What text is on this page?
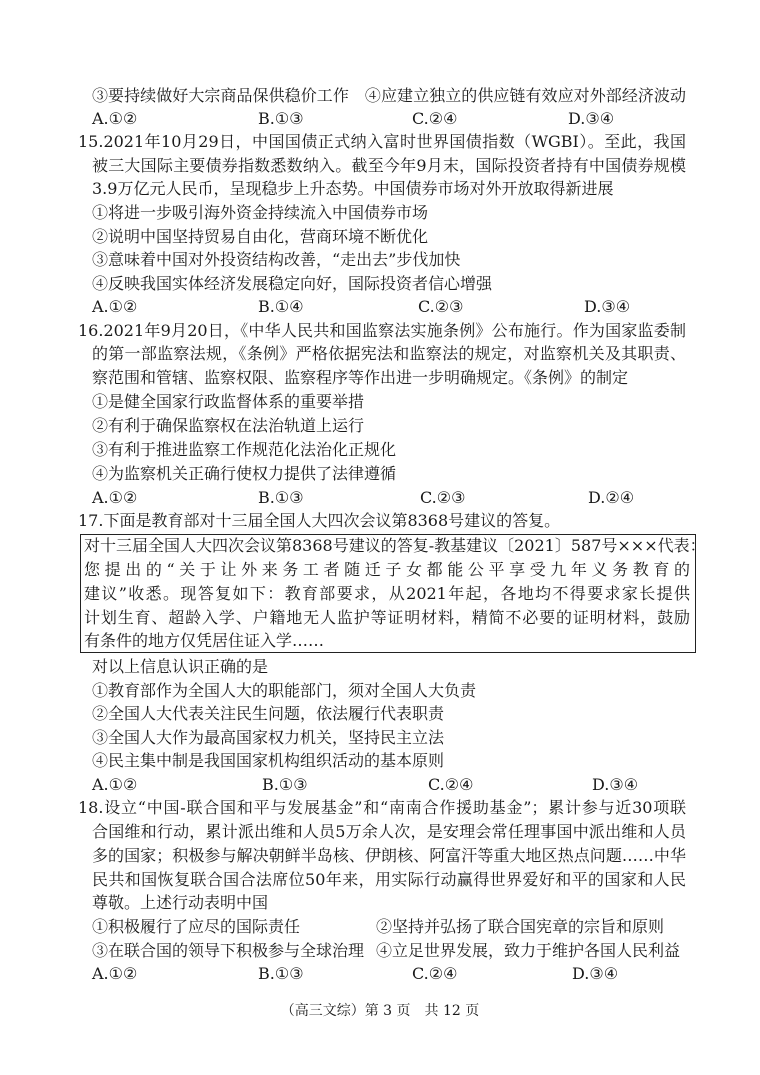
③要持续做好大宗商品保供稳价工作　④应建立独立的供应链有效应对外部经济波动
A.①②	B.①③	C.②④	D.③④
15.2021年10月29日，中国国债正式纳入富时世界国债指数（WGBI）。至此，我国
被三大国际主要债券指数悉数纳入。截至今年9月末，国际投资者持有中国债券规模
3.9万亿元人民币，呈现稳步上升态势。中国债券市场对外开放取得新进展
①将进一步吸引海外资金持续流入中国债券市场
②说明中国坚持贸易自由化，营商环境不断优化
③意味着中国对外投资结构改善，“走出去”步伐加快
④反映我国实体经济发展稳定向好，国际投资者信心增强
A.①②	B.①④	C.②③	D.③④
16.2021年9月20日，《中华人民共和国监察法实施条例》公布施行。作为国家监委制
的第一部监察法规，《条例》严格依据宪法和监察法的规定，对监察机关及其职责、
察范围和管辖、监察权限、监察程序等作出进一步明确规定。《条例》的制定
①是健全国家行政监督体系的重要举措
②有利于确保监察权在法治轨道上运行
③有利于推进监察工作规范化法治化正规化
④为监察机关正确行使权力提供了法律遵循
A.①②	B.①③	C.②③	D.②④
17.下面是教育部对十三届全国人大四次会议第8368号建议的答复。
对十三届全国人大四次会议第8368号建议的答复-教基建议〔2021〕587号×××代表：
您提出的“关于让外来务工者随迁子女都能公平享受九年义务教育的
建议”收悉。现答复如下：教育部要求，从2021年起，各地均不得要求家长提供
计划生育、超龄入学、户籍地无人监护等证明材料，精简不必要的证明材料，鼓励
有条件的地方仅凭居住证入学……
对以上信息认识正确的是
①教育部作为全国人大的职能部门，须对全国人大负责
②全国人大代表关注民生问题，依法履行代表职责
③全国人大作为最高国家权力机关，坚持民主立法
④民主集中制是我国国家机构组织活动的基本原则
A.①②	B.①③	C.②④	D.③④
18.设立“中国-联合国和平与发展基金”和“南南合作援助基金”；累计参与近30项联
合国维和行动，累计派出维和人员5万余人次，是安理会常任理事国中派出维和人员
多的国家；积极参与解决朝鲜半岛核、伊朗核、阿富汗等重大地区热点问题……中华
民共和国恢复联合国合法席位50年来，用实际行动赢得世界爱好和平的国家和人民
尊敬。上述行动表明中国
①积极履行了应尽的国际责任	②坚持并弘扬了联合国宪章的宗旨和原则
③在联合国的领导下积极参与全球治理 ④立足世界发展，致力于维护各国人民利益
A.①②	B.①③	C.②④	D.③④
（高三文综）第 3 页　共 12 页
